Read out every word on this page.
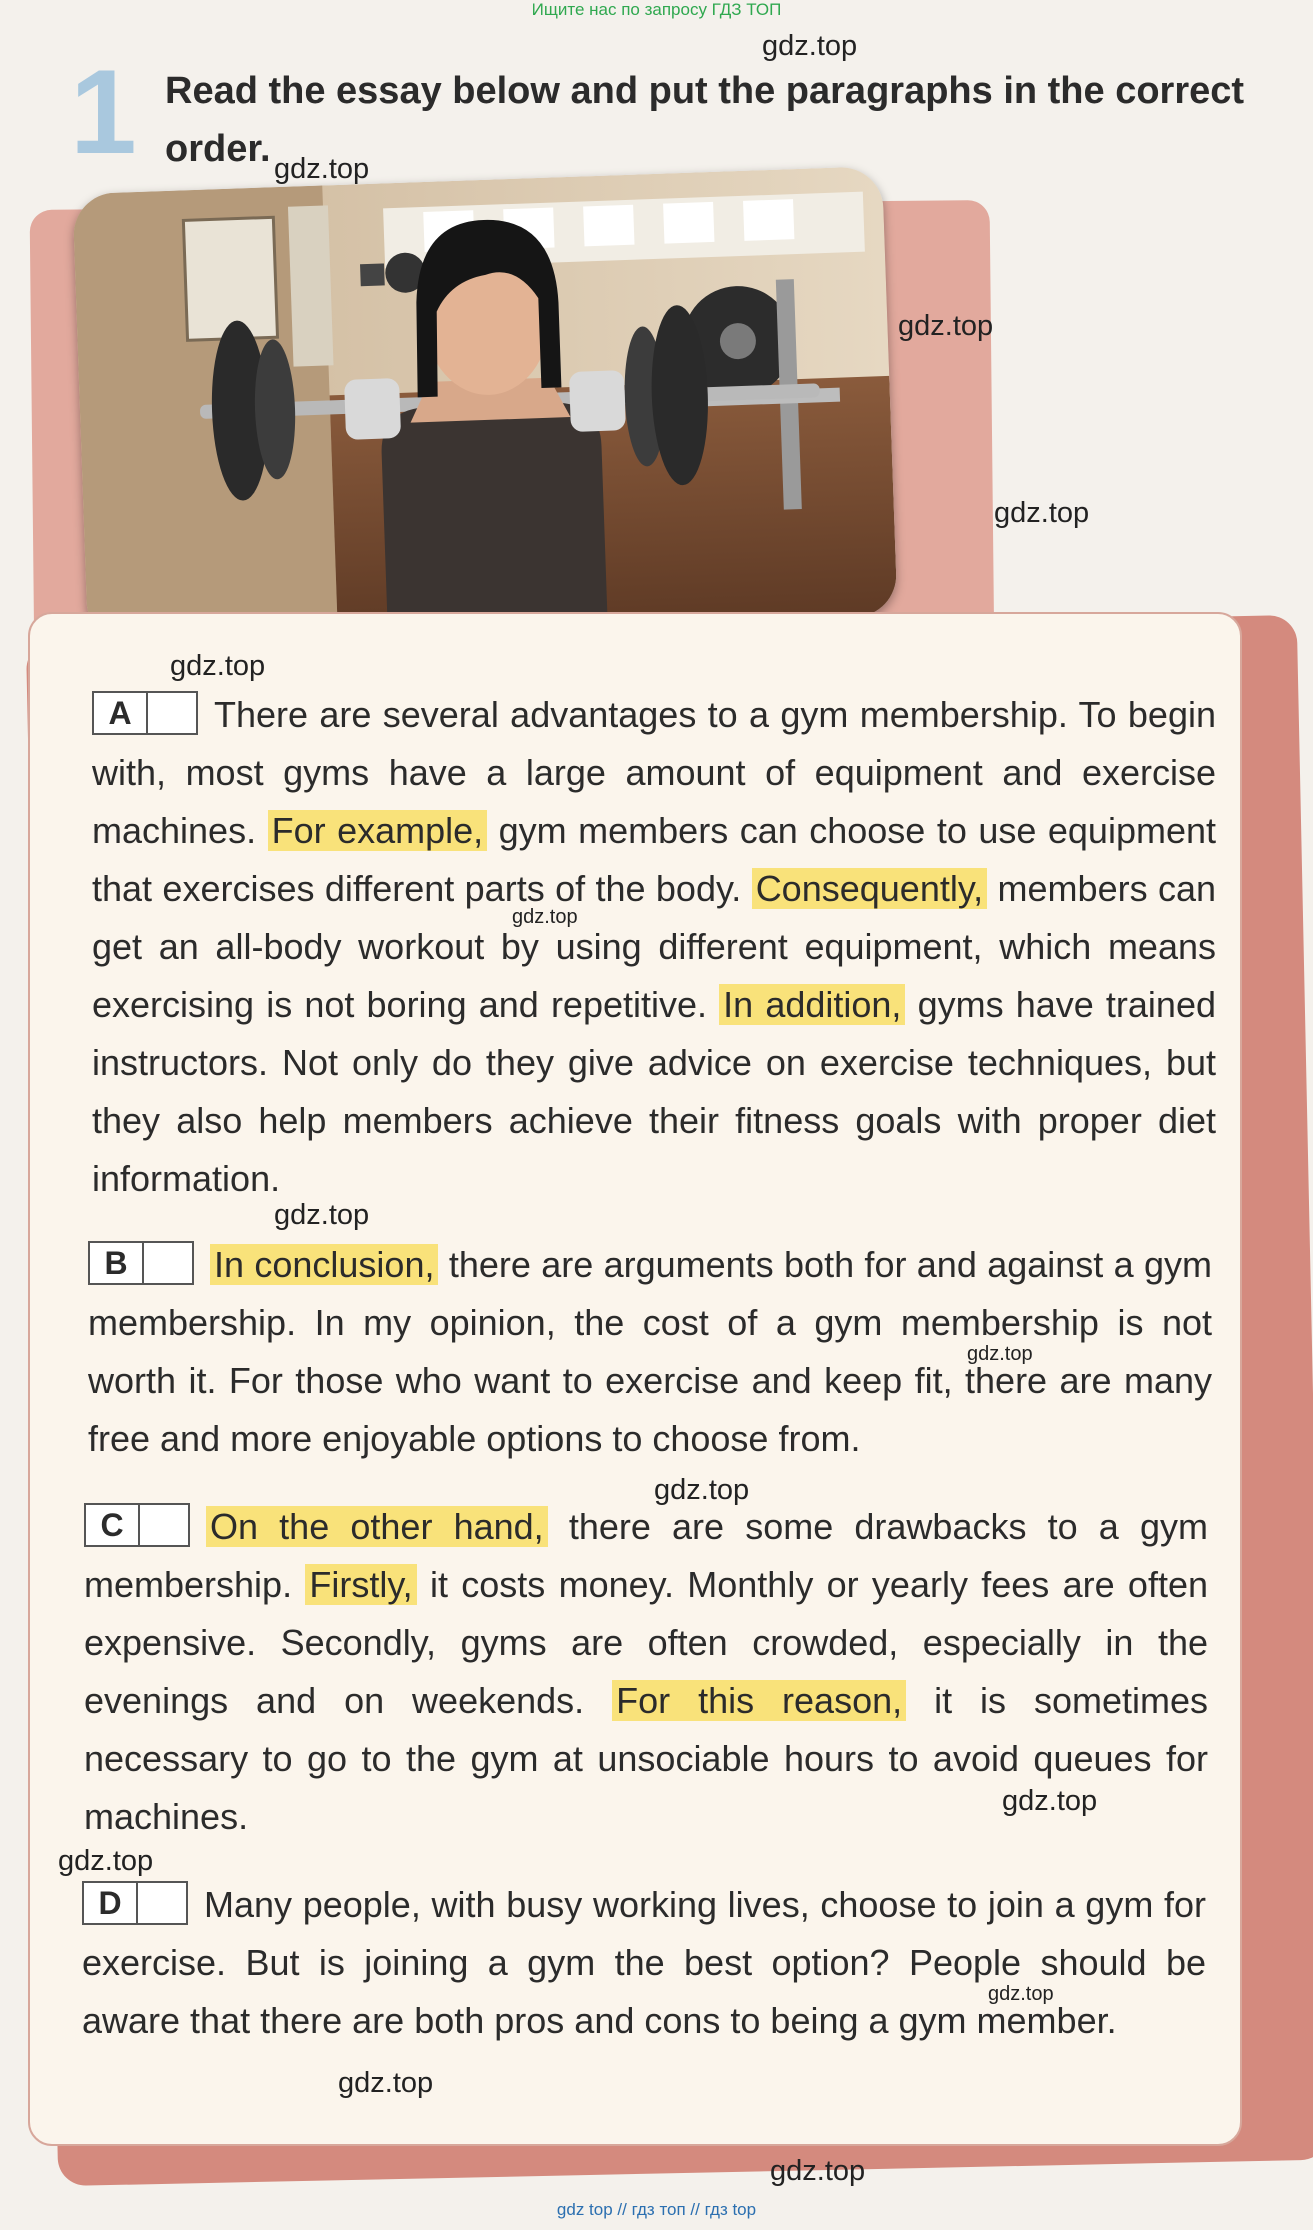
Ищите нас по запросу ГДЗ ТОП
1 Read the essay below and put the paragraphs in the correct order.
A	There are several advantages to a gym membership. To begin with, most gyms have a large amount of equipment and exercise machines. For example, gym members can choose to use equipment that exercises different parts of the body. Consequently, members can get an all-body workout by using different equipment, which means exercising is not boring and repetitive. In addition, gyms have trained instructors. Not only do they give advice on exercise techniques, but they also help members achieve their fitness goals with proper diet information.
B	In conclusion, there are arguments both for and against a gym membership. In my opinion, the cost of a gym membership is not worth it. For those who want to exercise and keep fit, there are many free and more enjoyable options to choose from.
C	On the other hand, there are some drawbacks to a gym membership. Firstly, it costs money. Monthly or yearly fees are often expensive. Secondly, gyms are often crowded, especially in the evenings and on weekends. For this reason, it is sometimes necessary to go to the gym at unsociable hours to avoid queues for machines.
D	Many people, with busy working lives, choose to join a gym for exercise. But is joining a gym the best option? People should be aware that there are both pros and cons to being a gym member.
gdz.top
gdz.top
gdz.top
gdz.top
gdz.top
gdz.top
gdz.top
gdz.top
gdz.top
gdz.top
gdz.top
gdz.top
gdz.top
gdz.top
gdz top // гдз топ // гдз top
